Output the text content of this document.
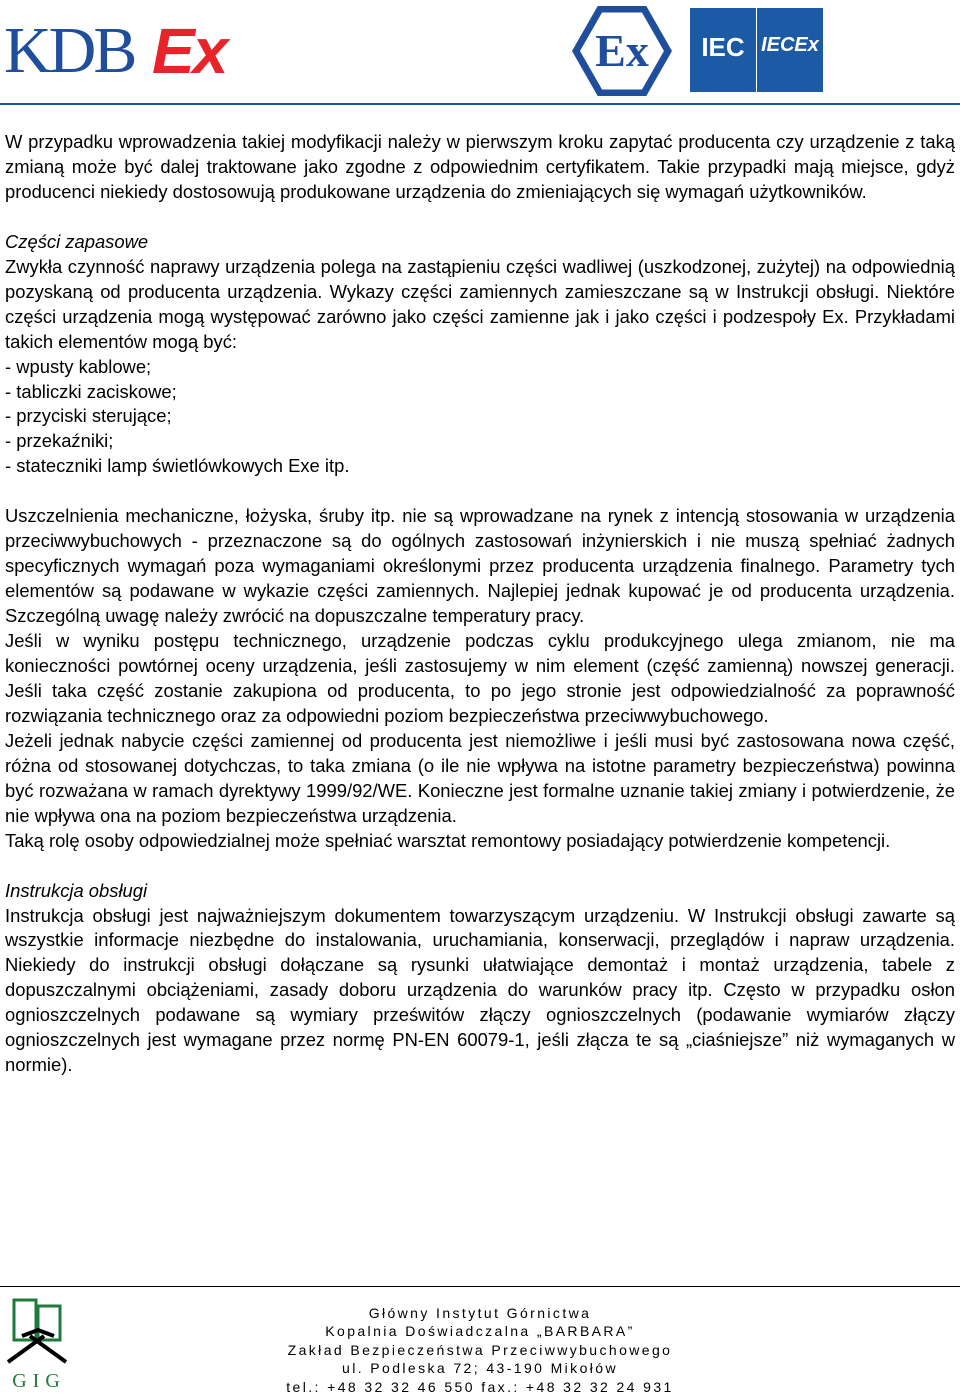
KDB Ex	Ex	IEC IECEx

W przypadku wprowadzenia takiej modyfikacji należy w pierwszym kroku zapytać producenta czy urządzenie z taką zmianą może być dalej traktowane jako zgodne z odpowiednim certyfikatem. Takie przypadki mają miejsce, gdyż producenci niekiedy dostosowują produkowane urządzenia do zmieniających się wymagań użytkowników.

Części zapasowe

Zwykła czynność naprawy urządzenia polega na zastąpieniu części wadliwej (uszkodzonej, zużytej) na odpowiednią pozyskaną od producenta urządzenia. Wykazy części zamiennych zamieszczane są w Instrukcji obsługi. Niektóre części urządzenia mogą występować zarówno jako części zamienne jak i jako części i podzespoły Ex. Przykładami takich elementów mogą być:

- wpusty kablowe;

- tabliczki zaciskowe;

- przyciski sterujące;

- przekaźniki;

- stateczniki lamp świetlówkowych Exe itp.

Uszczelnienia mechaniczne, łożyska, śruby itp. nie są wprowadzane na rynek z intencją stosowania w urządzenia przeciwwybuchowych - przeznaczone są do ogólnych zastosowań inżynierskich i nie muszą spełniać żadnych specyficznych wymagań poza wymaganiami określonymi przez producenta urządzenia finalnego. Parametry tych elementów są podawane w wykazie części zamiennych. Najlepiej jednak kupować je od producenta urządzenia. Szczególną uwagę należy zwrócić na dopuszczalne temperatury pracy.

Jeśli w wyniku postępu technicznego, urządzenie podczas cyklu produkcyjnego ulega zmianom, nie ma konieczności powtórnej oceny urządzenia, jeśli zastosujemy w nim element (część zamienną) nowszej generacji. Jeśli taka część zostanie zakupiona od producenta, to po jego stronie jest odpowiedzialność za poprawność rozwiązania technicznego oraz za odpowiedni poziom bezpieczeństwa przeciwwybuchowego.

Jeżeli jednak nabycie części zamiennej od producenta jest niemożliwe i jeśli musi być zastosowana nowa część, różna od stosowanej dotychczas, to taka zmiana (o ile nie wpływa na istotne parametry bezpieczeństwa) powinna być rozważana w ramach dyrektywy 1999/92/WE. Konieczne jest formalne uznanie takiej zmiany i potwierdzenie, że nie wpływa ona na poziom bezpieczeństwa urządzenia.

Taką rolę osoby odpowiedzialnej może spełniać warsztat remontowy posiadający potwierdzenie kompetencji.

Instrukcja obsługi

Instrukcja obsługi jest najważniejszym dokumentem towarzyszącym urządzeniu. W Instrukcji obsługi zawarte są wszystkie informacje niezbędne do instalowania, uruchamiania, konserwacji, przeglądów i napraw urządzenia. Niekiedy do instrukcji obsługi dołączane są rysunki ułatwiające demontaż i montaż urządzenia, tabele z dopuszczalnymi obciążeniami, zasady doboru urządzenia do warunków pracy itp. Często w przypadku osłon ognioszczelnych podawane są wymiary prześwitów złączy ognioszczelnych (podawanie wymiarów złączy ognioszczelnych jest wymagane przez normę PN-EN 60079-1, jeśli złącza te są „ciaśniejsze” niż wymaganych w normie).

GIG
Główny Instytut Górnictwa
Kopalnia Doświadczalna „BARBARA”
Zakład Bezpieczeństwa Przeciwwybuchowego
ul. Podleska 72; 43-190 Mikołów
tel.: +48 32 32 46 550 fax.: +48 32 32 24 931
